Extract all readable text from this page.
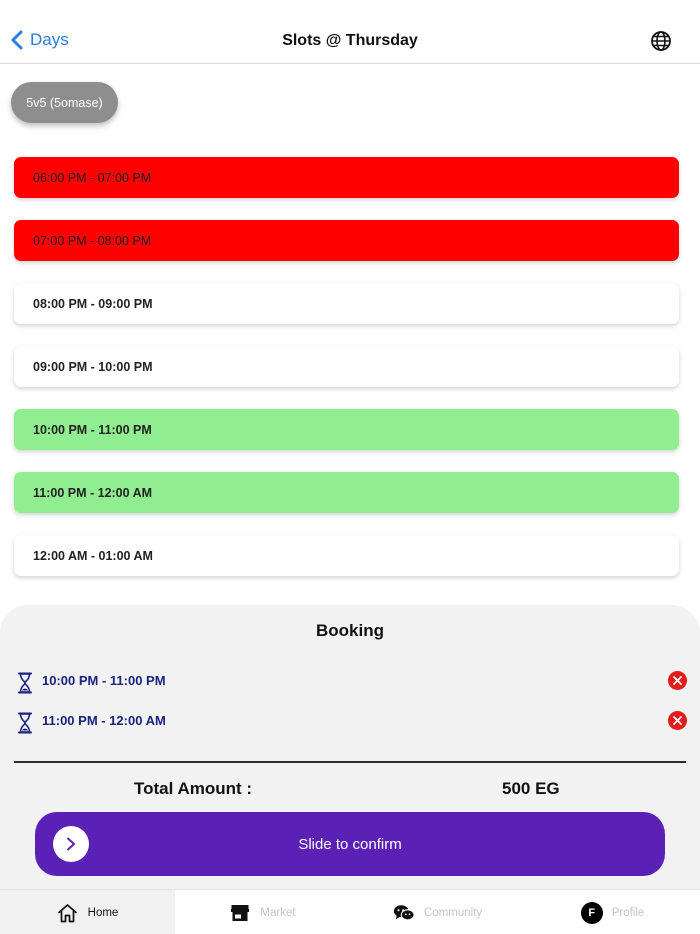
Days	Slots @ Thursday
5v5 (5omase)
06:00 PM - 07:00 PM
07:00 PM - 08:00 PM
08:00 PM - 09:00 PM
09:00 PM - 10:00 PM
10:00 PM - 11:00 PM
11:00 PM - 12:00 AM
12:00 AM - 01:00 AM
Booking
10:00 PM - 11:00 PM
11:00 PM - 12:00 AM
Total Amount :	500 EG
Slide to confirm
Home	Market	Community	F	Profile
